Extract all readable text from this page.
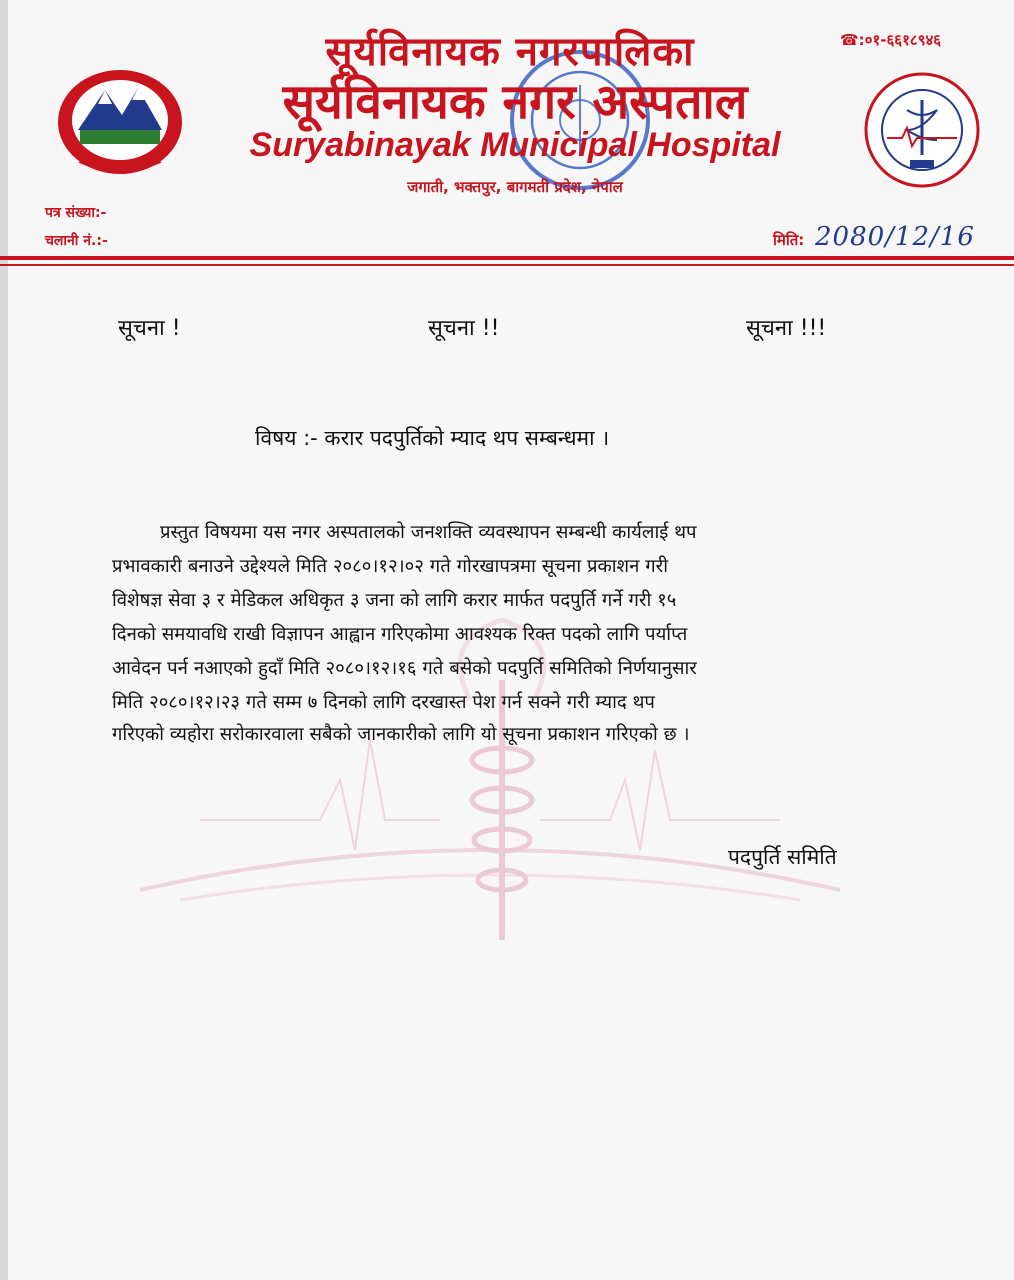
सूर्यविनायक नगरपालिका
सूर्यविनायक नगर अस्पताल
Suryabinayak Municipal Hospital
जगाती, भक्तपुर, बागमती प्रदेश, नेपाल
☎:०१-६६१८९४६
पत्र संख्या:-
चलानी नं.:-	मिति: 2080/12/16
सूचना !	सूचना !!	सूचना !!!
विषय :- करार पदपुर्तिको म्याद थप सम्बन्धमा ।
प्रस्तुत विषयमा यस नगर अस्पतालको जनशक्ति व्यवस्थापन सम्बन्धी कार्यलाई थप
प्रभावकारी बनाउने उद्देश्यले मिति २०८०।१२।०२ गते गोरखापत्रमा सूचना प्रकाशन गरी
विशेषज्ञ सेवा ३ र मेडिकल अधिकृत ३ जना को लागि करार मार्फत पदपुर्ति गर्ने गरी १५
दिनको समयावधि राखी विज्ञापन आह्वान गरिएकोमा आवश्यक रिक्त पदको लागि पर्याप्त
आवेदन पर्न नआएको हुदाँ मिति २०८०।१२।१६ गते बसेको पदपुर्ति समितिको निर्णयानुसार
मिति २०८०।१२।२३ गते सम्म ७ दिनको लागि दरखास्त पेश गर्न सक्ने गरी म्याद थप
गरिएको व्यहोरा सरोकारवाला सबैको जानकारीको लागि यो सूचना प्रकाशन गरिएको छ ।
पदपुर्ति समिति
